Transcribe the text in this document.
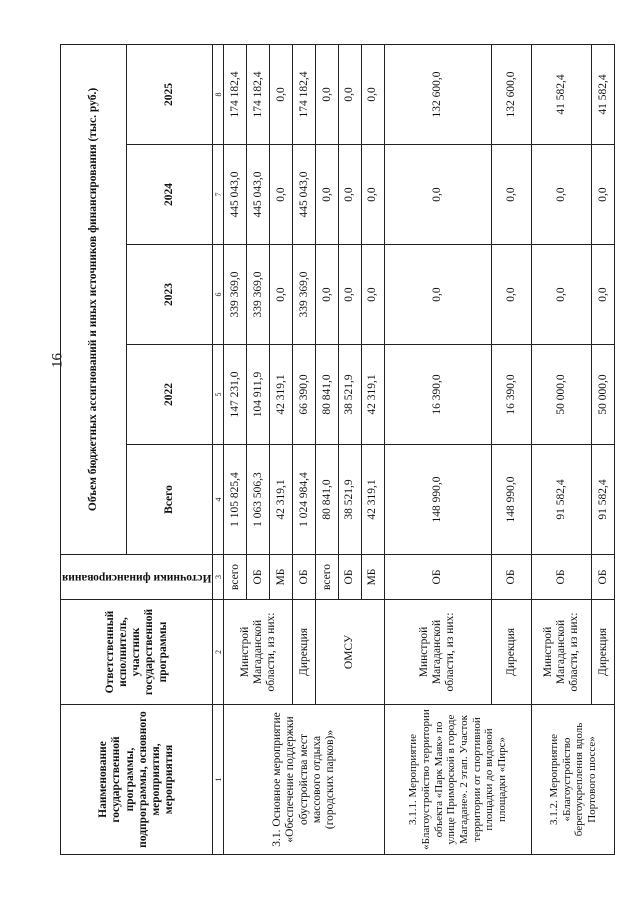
16
Наименование государственной программы, подпрограммы, основного мероприятия, мероприятия	Ответственный исполнитель, участник государственной программы	Источники финансирования	Объем бюджетных ассигнований и иных источников финансирования (тыс. руб.)				
			Всего	2022	2023	2024	2025
1	2	3	4	5	6	7	8
3.1. Основное мероприятие «Обеспечение поддержки обустройства мест массового отдыха (городских парков)»	Минстрой Магаданской области, из них:	всего	1 105 825,4	147 231,0	339 369,0	445 043,0	174 182,4
		ОБ	1 063 506,3	104 911,9	339 369,0	445 043,0	174 182,4
		МБ	42 319,1	42 319,1	0,0	0,0	0,0
	Дирекция	ОБ	1 024 984,4	66 390,0	339 369,0	445 043,0	174 182,4
	ОМСУ	всего	80 841,0	80 841,0	0,0	0,0	0,0
		ОБ	38 521,9	38 521,9	0,0	0,0	0,0
		МБ	42 319,1	42 319,1	0,0	0,0	0,0
3.1.1. Мероприятие «Благоустройство территории объекта «Парк Маяк» по улице Приморской в городе Магадане». 2 этап. Участок территории от спортивной площадки до видовой площадки «Пирс»	Минстрой Магаданской области, из них:	ОБ	148 990,0	16 390,0	0,0	0,0	132 600,0
	Дирекция	ОБ	148 990,0	16 390,0	0,0	0,0	132 600,0
3.1.2. Мероприятие «Благоустройство берегоукрепления вдоль Портового шоссе»	Минстрой Магаданской области, из них:	ОБ	91 582,4	50 000,0	0,0	0,0	41 582,4
	Дирекция	ОБ	91 582,4	50 000,0	0,0	0,0	41 582,4
